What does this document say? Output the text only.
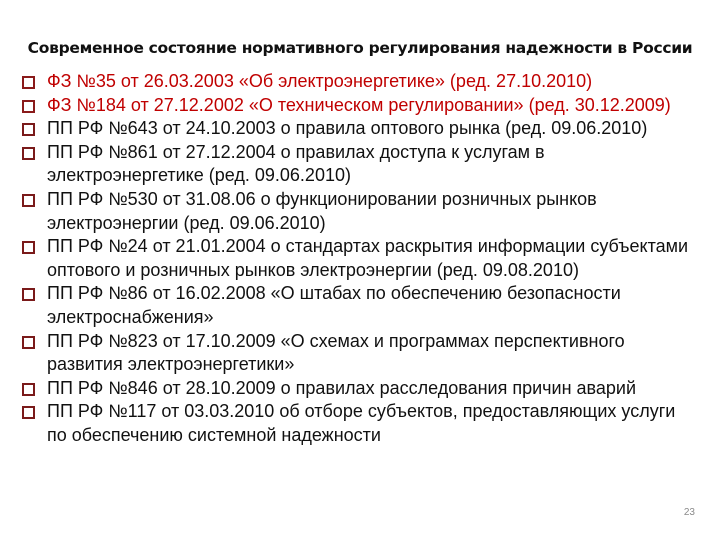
Современное состояние нормативного регулирования надежности в России
ФЗ №35 от 26.03.2003 «Об электроэнергетике» (ред. 27.10.2010)
ФЗ №184 от 27.12.2002 «О техническом регулировании» (ред. 30.12.2009)
ПП РФ №643 от 24.10.2003 о правила оптового рынка (ред. 09.06.2010)
ПП РФ №861 от 27.12.2004 о правилах доступа к услугам в электроэнергетике (ред. 09.06.2010)
ПП РФ №530 от 31.08.06 о функционировании розничных рынков электроэнергии (ред. 09.06.2010)
ПП РФ №24 от 21.01.2004 о стандартах раскрытия информации субъектами оптового и розничных рынков электроэнергии (ред. 09.08.2010)
ПП РФ №86 от 16.02.2008 «О штабах по обеспечению безопасности электроснабжения»
ПП РФ №823 от 17.10.2009 «О схемах и программах перспективного развития электроэнергетики»
ПП РФ №846 от 28.10.2009 о правилах расследования причин аварий
ПП РФ №117 от 03.03.2010 об отборе субъектов, предоставляющих услуги по обеспечению системной надежности
23
